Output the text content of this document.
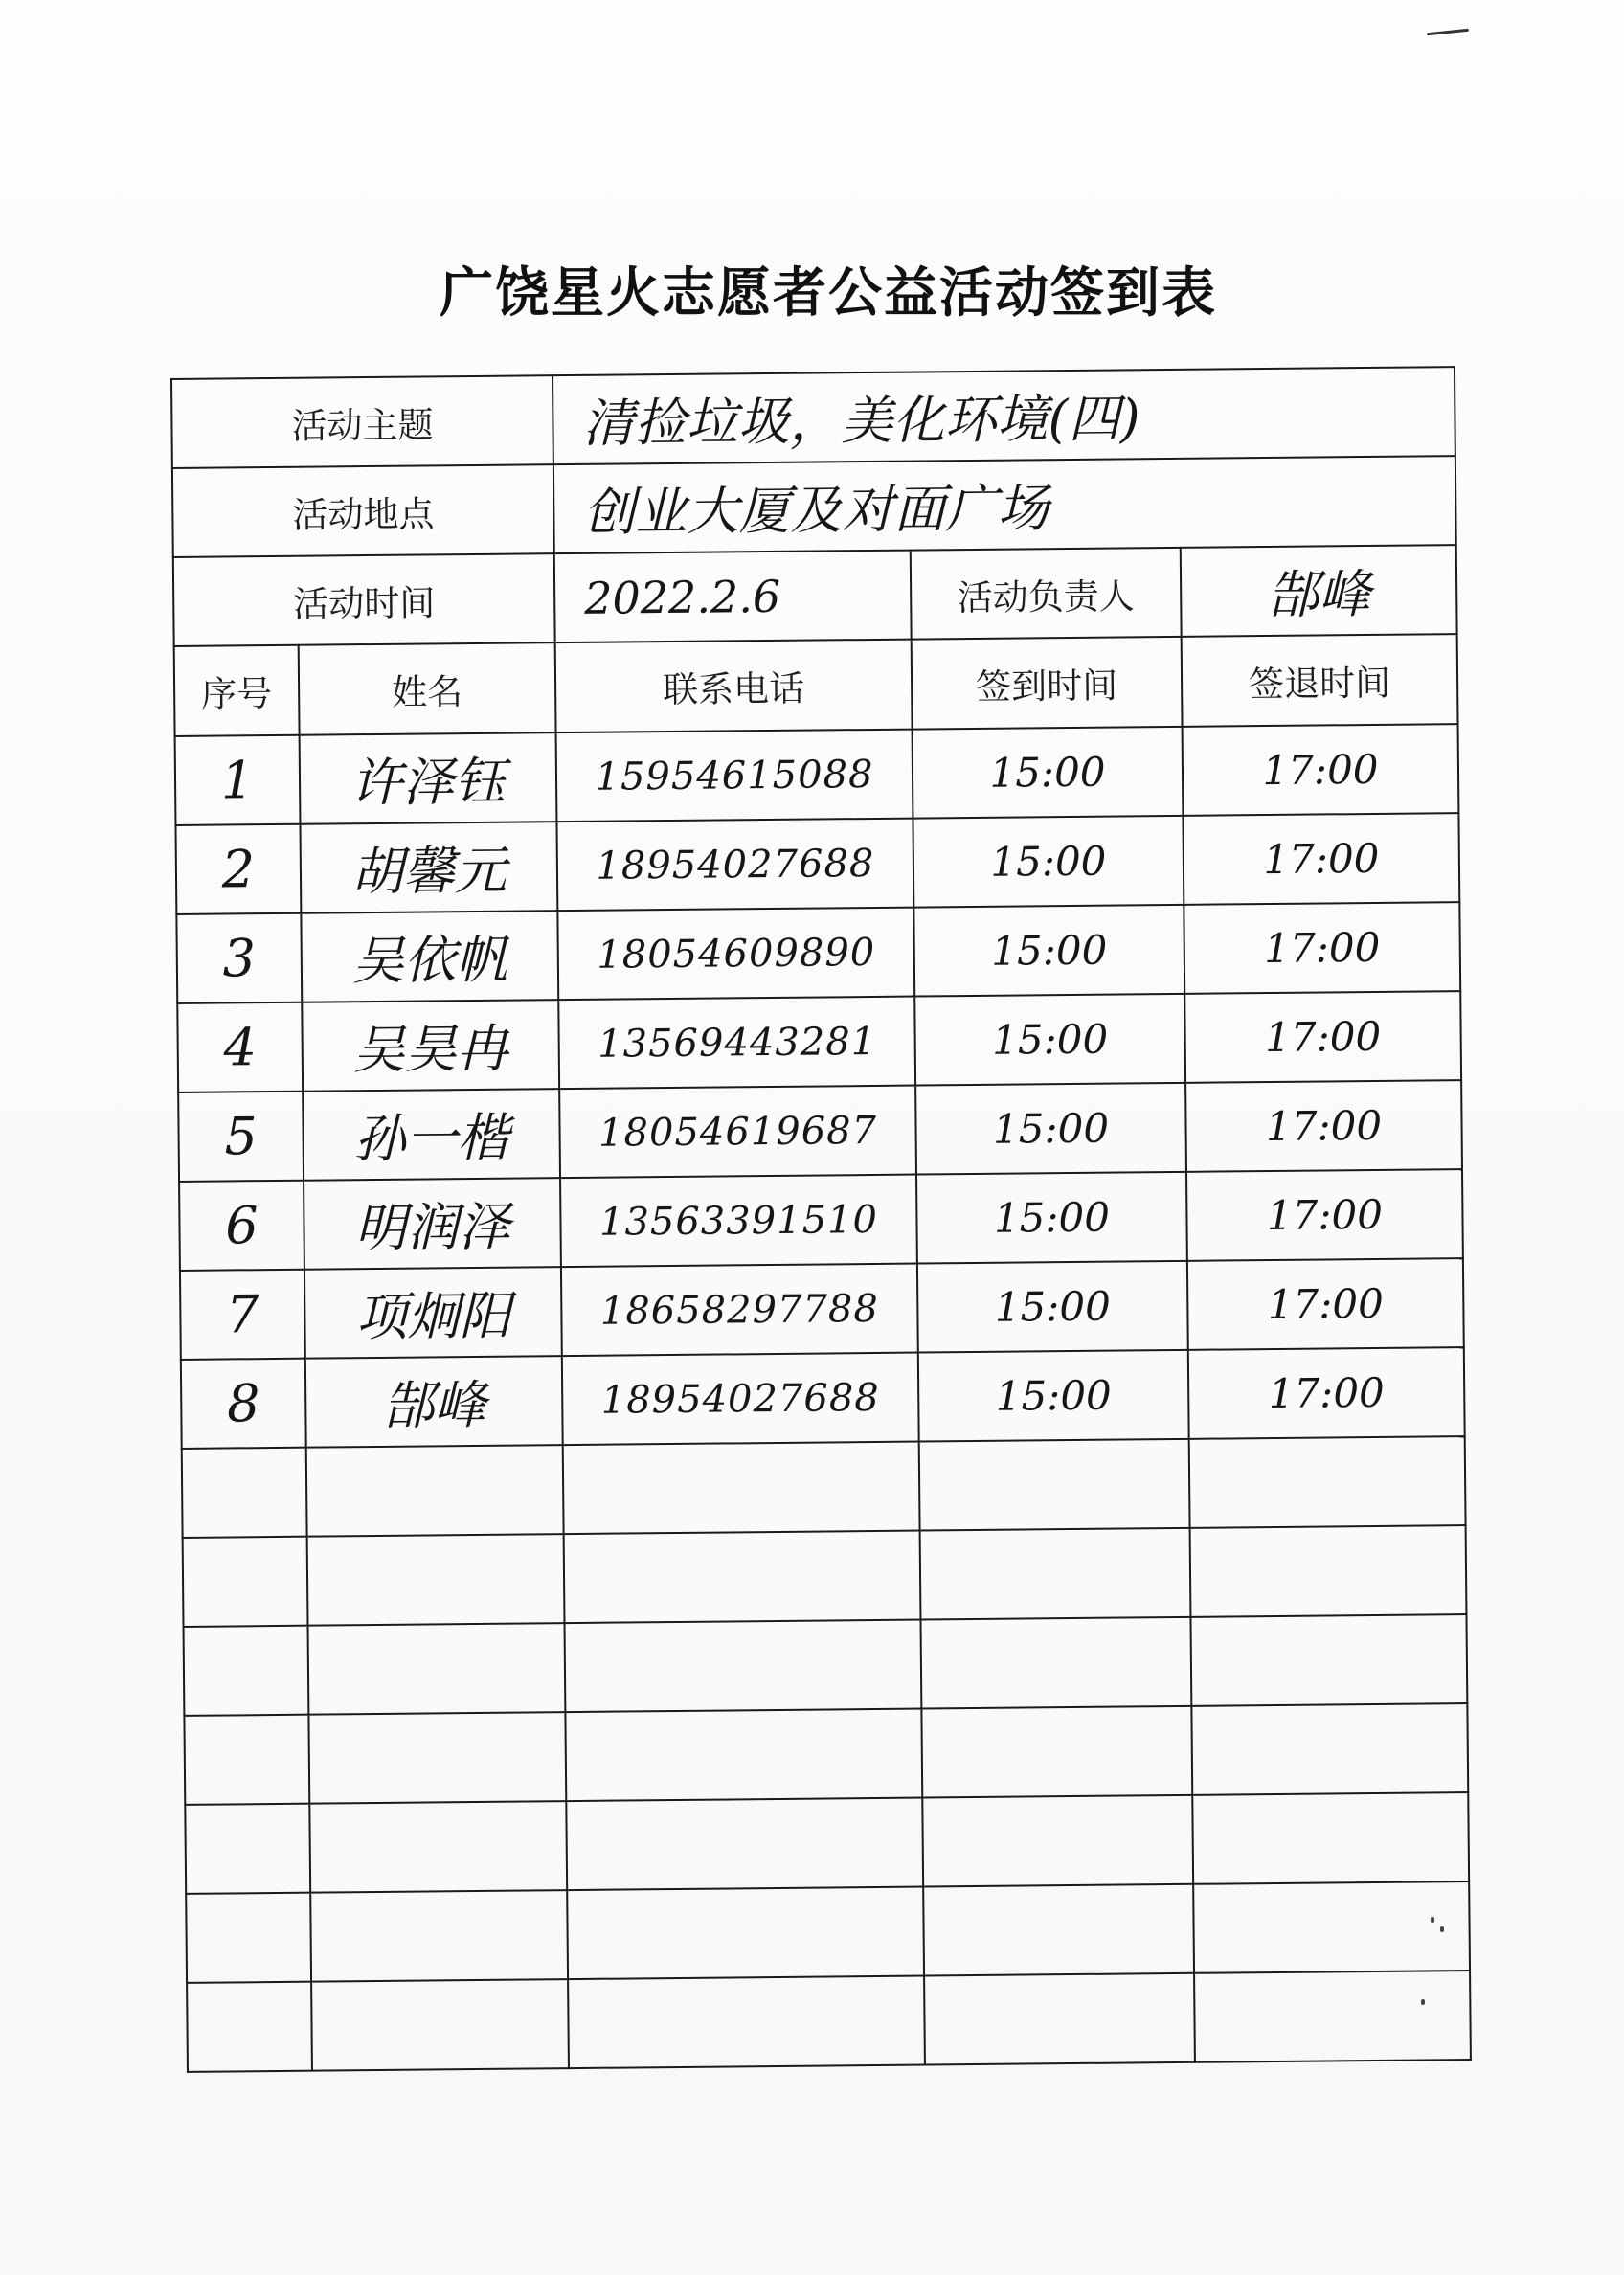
广饶星火志愿者公益活动签到表
活动主题		清捡垃圾，美化环境(四)		
活动地点		创业大厦及对面广场		
活动时间		2022.2.6	活动负责人	郜峰
序号	姓名	联系电话	签到时间	签退时间
1	许泽钰	15954615088	15:00	17:00
2	胡馨元	18954027688	15:00	17:00
3	吴依帆	18054609890	15:00	17:00
4	吴昊冉	13569443281	15:00	17:00
5	孙一楷	18054619687	15:00	17:00
6	明润泽	13563391510	15:00	17:00
7	项炯阳	18658297788	15:00	17:00
8	郜峰	18954027688	15:00	17:00
